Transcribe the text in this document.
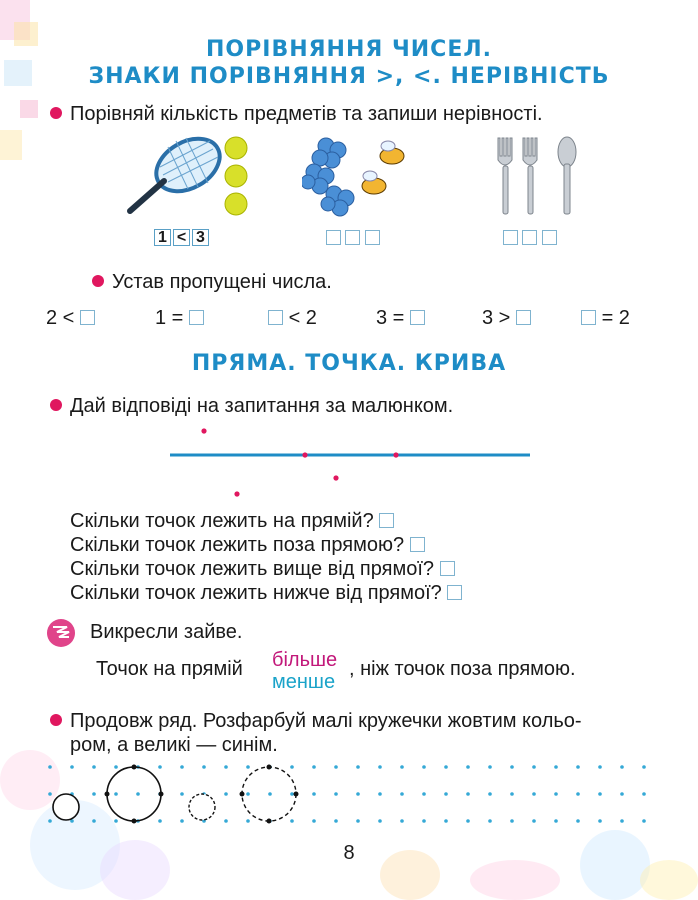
ПОРІВНЯННЯ ЧИСЕЛ.
ЗНАКИ ПОРІВНЯННЯ >, <. НЕРІВНІСТЬ
Порівняй кількість предметів та запиши нерівності.
1 < 3

Устав пропущені числа.
2 <	1 =	< 2	3 =	3 >	= 2
ПРЯМА. ТОЧКА. КРИВА
Дай відповіді на запитання за малюнком.
Скільки точок лежить на прямій?
Скільки точок лежить поза прямою?
Скільки точок лежить вище від прямої?
Скільки точок лежить нижче від прямої?
Викресли зайве.
Точок на прямій більше
менше
, ніж точок поза прямою.
Продовж ряд. Розфарбуй малі кружечки жовтим кольо-
ром, а великі — синім.
8
